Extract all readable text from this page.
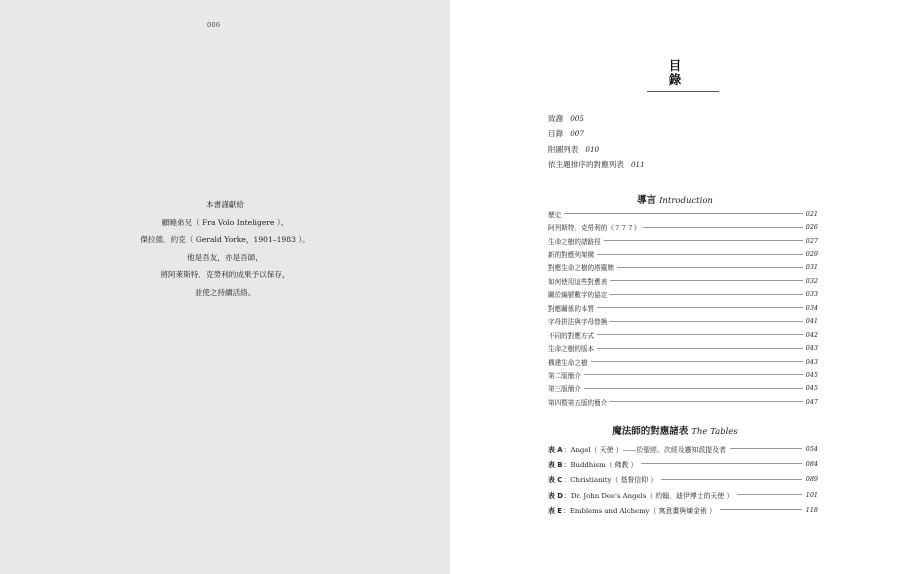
006
本書謹獻給
顧曉弟兄（ Fra Volo Inteligere ）、
傑拉德．約克（ Gerald Yorke，1901–1983 ）。
他是吾友，亦是吾師，
將阿萊斯特．克勞利的成果予以保存，
並使之持續活絡。
目
錄
致謝 005
目錄 007
附圖列表 010
依主題排序的對應列表 011
導言 Introduction
歷史	021
阿列斯特．克勞利的《７７７》	026
生命之樹的諸路徑	027
新的對應列架構	029
對應生命之樹的塔羅牌	031
如何使用這些對應表	032
關於編號數字的協定	033
對應關係的本質	034
字母拼法與字母替換	041
不同的對應方式	042
生命之樹的版本	043
構建生命之樹	043
第二版簡介	045
第三版簡介	045
第四暨第五版的簡介	047
魔法師的對應諸表 The Tables
表 A ： Angel（ 天使 ）——於聖經、次經及靈知派提及者	054
表 B ： Buddhism（ 佛教 ）	084
表 C ： Christianity（ 基督信仰 ）	089
表 D ： Dr. John Dee's Angels（ 約翰．迪伊博士的天使 ）	101
表 E ： Emblems and Alchemy（ 寓意畫與煉金術 ）	118
